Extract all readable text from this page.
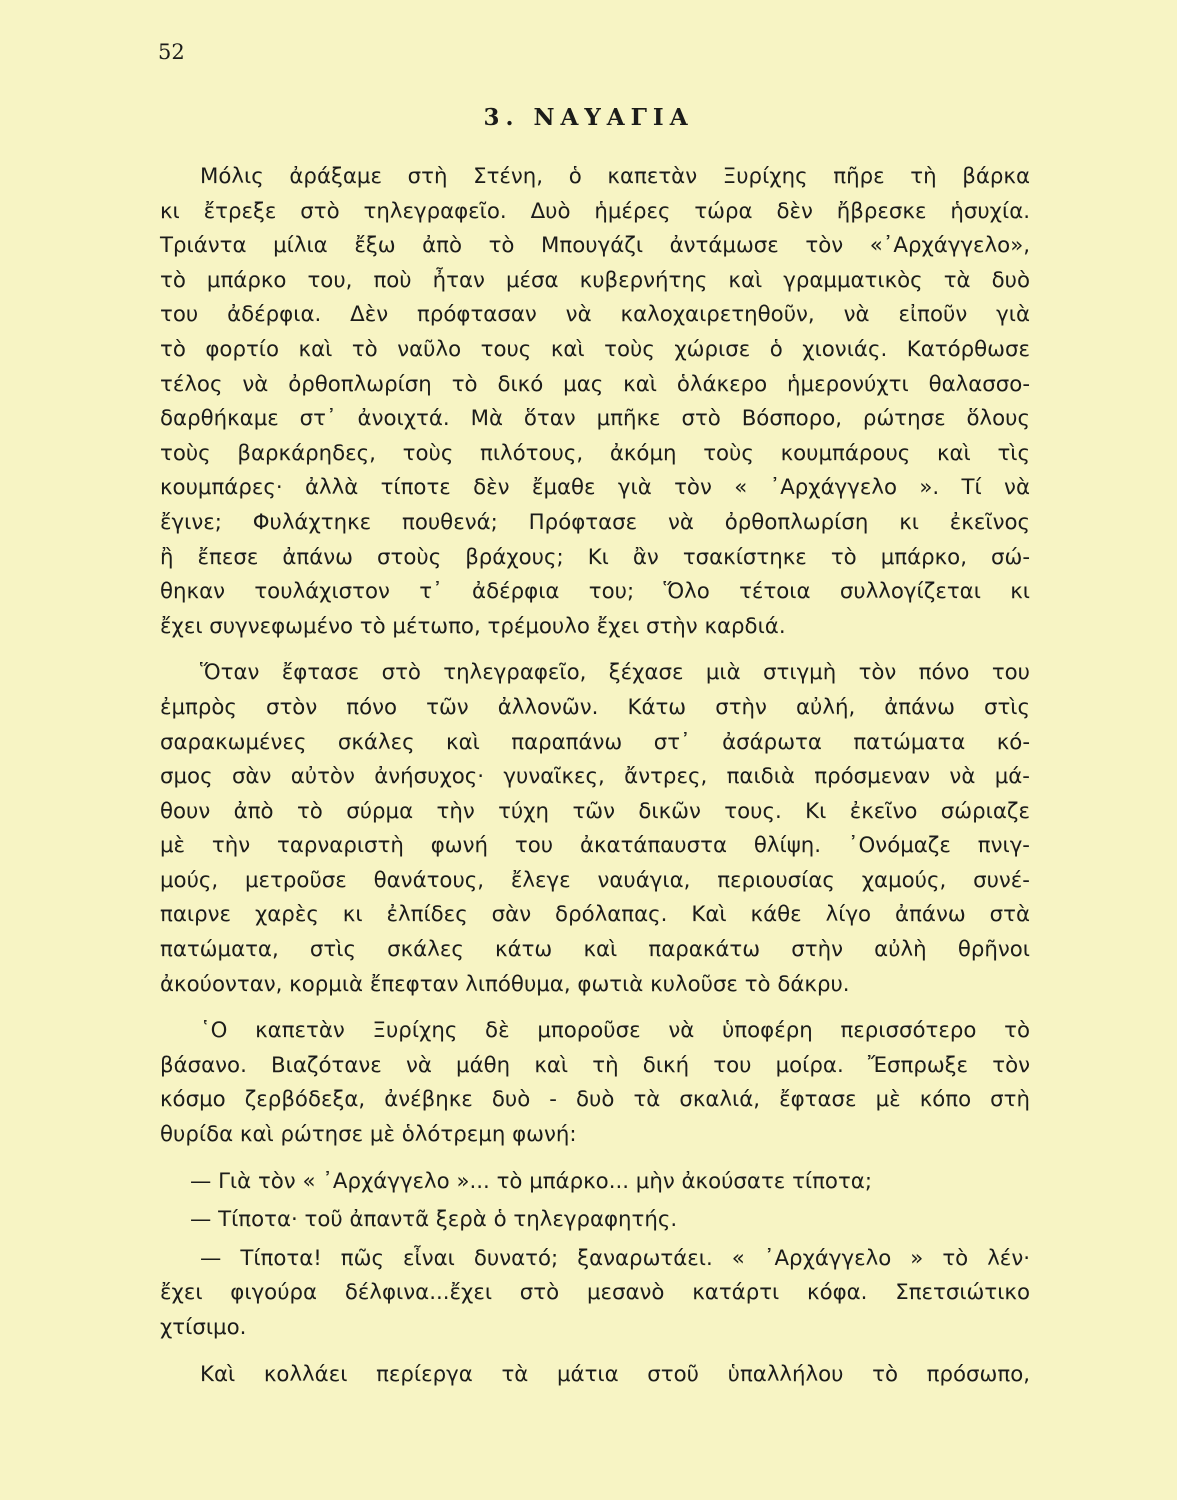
52
3. ΝΑΥΑΓΙΑ
Μόλις ἀράξαμε στὴ Στένη, ὁ καπετὰν Ξυρίχης πῆρε τὴ βάρκα
κι ἔτρεξε στὸ τηλεγραφεῖο. Δυὸ ἡμέρες τώρα δὲν ἤβρεσκε ἡσυχία.
Τριάντα μίλια ἔξω ἀπὸ τὸ Μπουγάζι ἀντάμωσε τὸν «᾿Αρχάγγελο»,
τὸ μπάρκο του, ποὺ ἦταν μέσα κυβερνήτης καὶ γραμματικὸς τὰ δυὸ
του ἀδέρφια. Δὲν πρόφτασαν νὰ καλοχαιρετηθοῦν, νὰ εἰποῦν γιὰ
τὸ φορτίο καὶ τὸ ναῦλο τους καὶ τοὺς χώρισε ὁ χιονιάς. Κατόρθωσε
τέλος νὰ ὀρθοπλωρίση τὸ δικό μας καὶ ὁλάκερο ἡμερονύχτι θαλασσο-
δαρθήκαμε στ᾿ ἀνοιχτά. Μὰ ὅταν μπῆκε στὸ Βόσπορο, ρώτησε ὅλους
τοὺς βαρκάρηδες, τοὺς πιλότους, ἀκόμη τοὺς κουμπάρους καὶ τὶς
κουμπάρες· ἀλλὰ τίποτε δὲν ἔμαθε γιὰ τὸν « ᾿Αρχάγγελο ». Τί νὰ
ἔγινε; Φυλάχτηκε πουθενά; Πρόφτασε νὰ ὀρθοπλωρίση κι ἐκεῖνος
ἢ ἔπεσε ἀπάνω στοὺς βράχους; Κι ἂν τσακίστηκε τὸ μπάρκο, σώ-
θηκαν τουλάχιστον τ᾿ ἀδέρφια του; Ὅλο τέτοια συλλογίζεται κι
ἔχει συγνεφωμένο τὸ μέτωπο, τρέμουλο ἔχει στὴν καρδιά.
Ὅταν ἔφτασε στὸ τηλεγραφεῖο, ξέχασε μιὰ στιγμὴ τὸν πόνο του
ἐμπρὸς στὸν πόνο τῶν ἀλλονῶν. Κάτω στὴν αὐλή, ἀπάνω στὶς
σαρακωμένες σκάλες καὶ παραπάνω στ᾿ ἀσάρωτα πατώματα κό-
σμος σὰν αὐτὸν ἀνήσυχος· γυναῖκες, ἄντρες, παιδιὰ πρόσμεναν νὰ μά-
θουν ἀπὸ τὸ σύρμα τὴν τύχη τῶν δικῶν τους. Κι ἐκεῖνο σώριαζε
μὲ τὴν ταρναριστὴ φωνή του ἀκατάπαυστα θλίψη. ᾿Ονόμαζε πνιγ-
μούς, μετροῦσε θανάτους, ἔλεγε ναυάγια, περιουσίας χαμούς, συνέ-
παιρνε χαρὲς κι ἐλπίδες σὰν δρόλαπας. Καὶ κάθε λίγο ἀπάνω στὰ
πατώματα, στὶς σκάλες κάτω καὶ παρακάτω στὴν αὐλὴ θρῆνοι
ἀκούονταν, κορμιὰ ἔπεφταν λιπόθυμα, φωτιὰ κυλοῦσε τὸ δάκρυ.
῾Ο καπετὰν Ξυρίχης δὲ μποροῦσε νὰ ὑποφέρη περισσότερο τὸ
βάσανο. Βιαζότανε νὰ μάθη καὶ τὴ δική του μοίρα. Ἔσπρωξε τὸν
κόσμο ζερβόδεξα, ἀνέβηκε δυὸ - δυὸ τὰ σκαλιά, ἔφτασε μὲ κόπο στὴ
θυρίδα καὶ ρώτησε μὲ ὁλότρεμη φωνή:
— Γιὰ τὸν « ᾿Αρχάγγελο »... τὸ μπάρκο... μὴν ἀκούσατε τίποτα;
— Τίποτα· τοῦ ἀπαντᾶ ξερὰ ὁ τηλεγραφητής.
— Τίποτα! πῶς εἶναι δυνατό; ξαναρωτάει. « ᾿Αρχάγγελο » τὸ λέν·
ἔχει φιγούρα δέλφινα...ἔχει στὸ μεσανὸ κατάρτι κόφα. Σπετσιώτικο
χτίσιμο.
Καὶ κολλάει περίεργα τὰ μάτια στοῦ ὑπαλλήλου τὸ πρόσωπο,
